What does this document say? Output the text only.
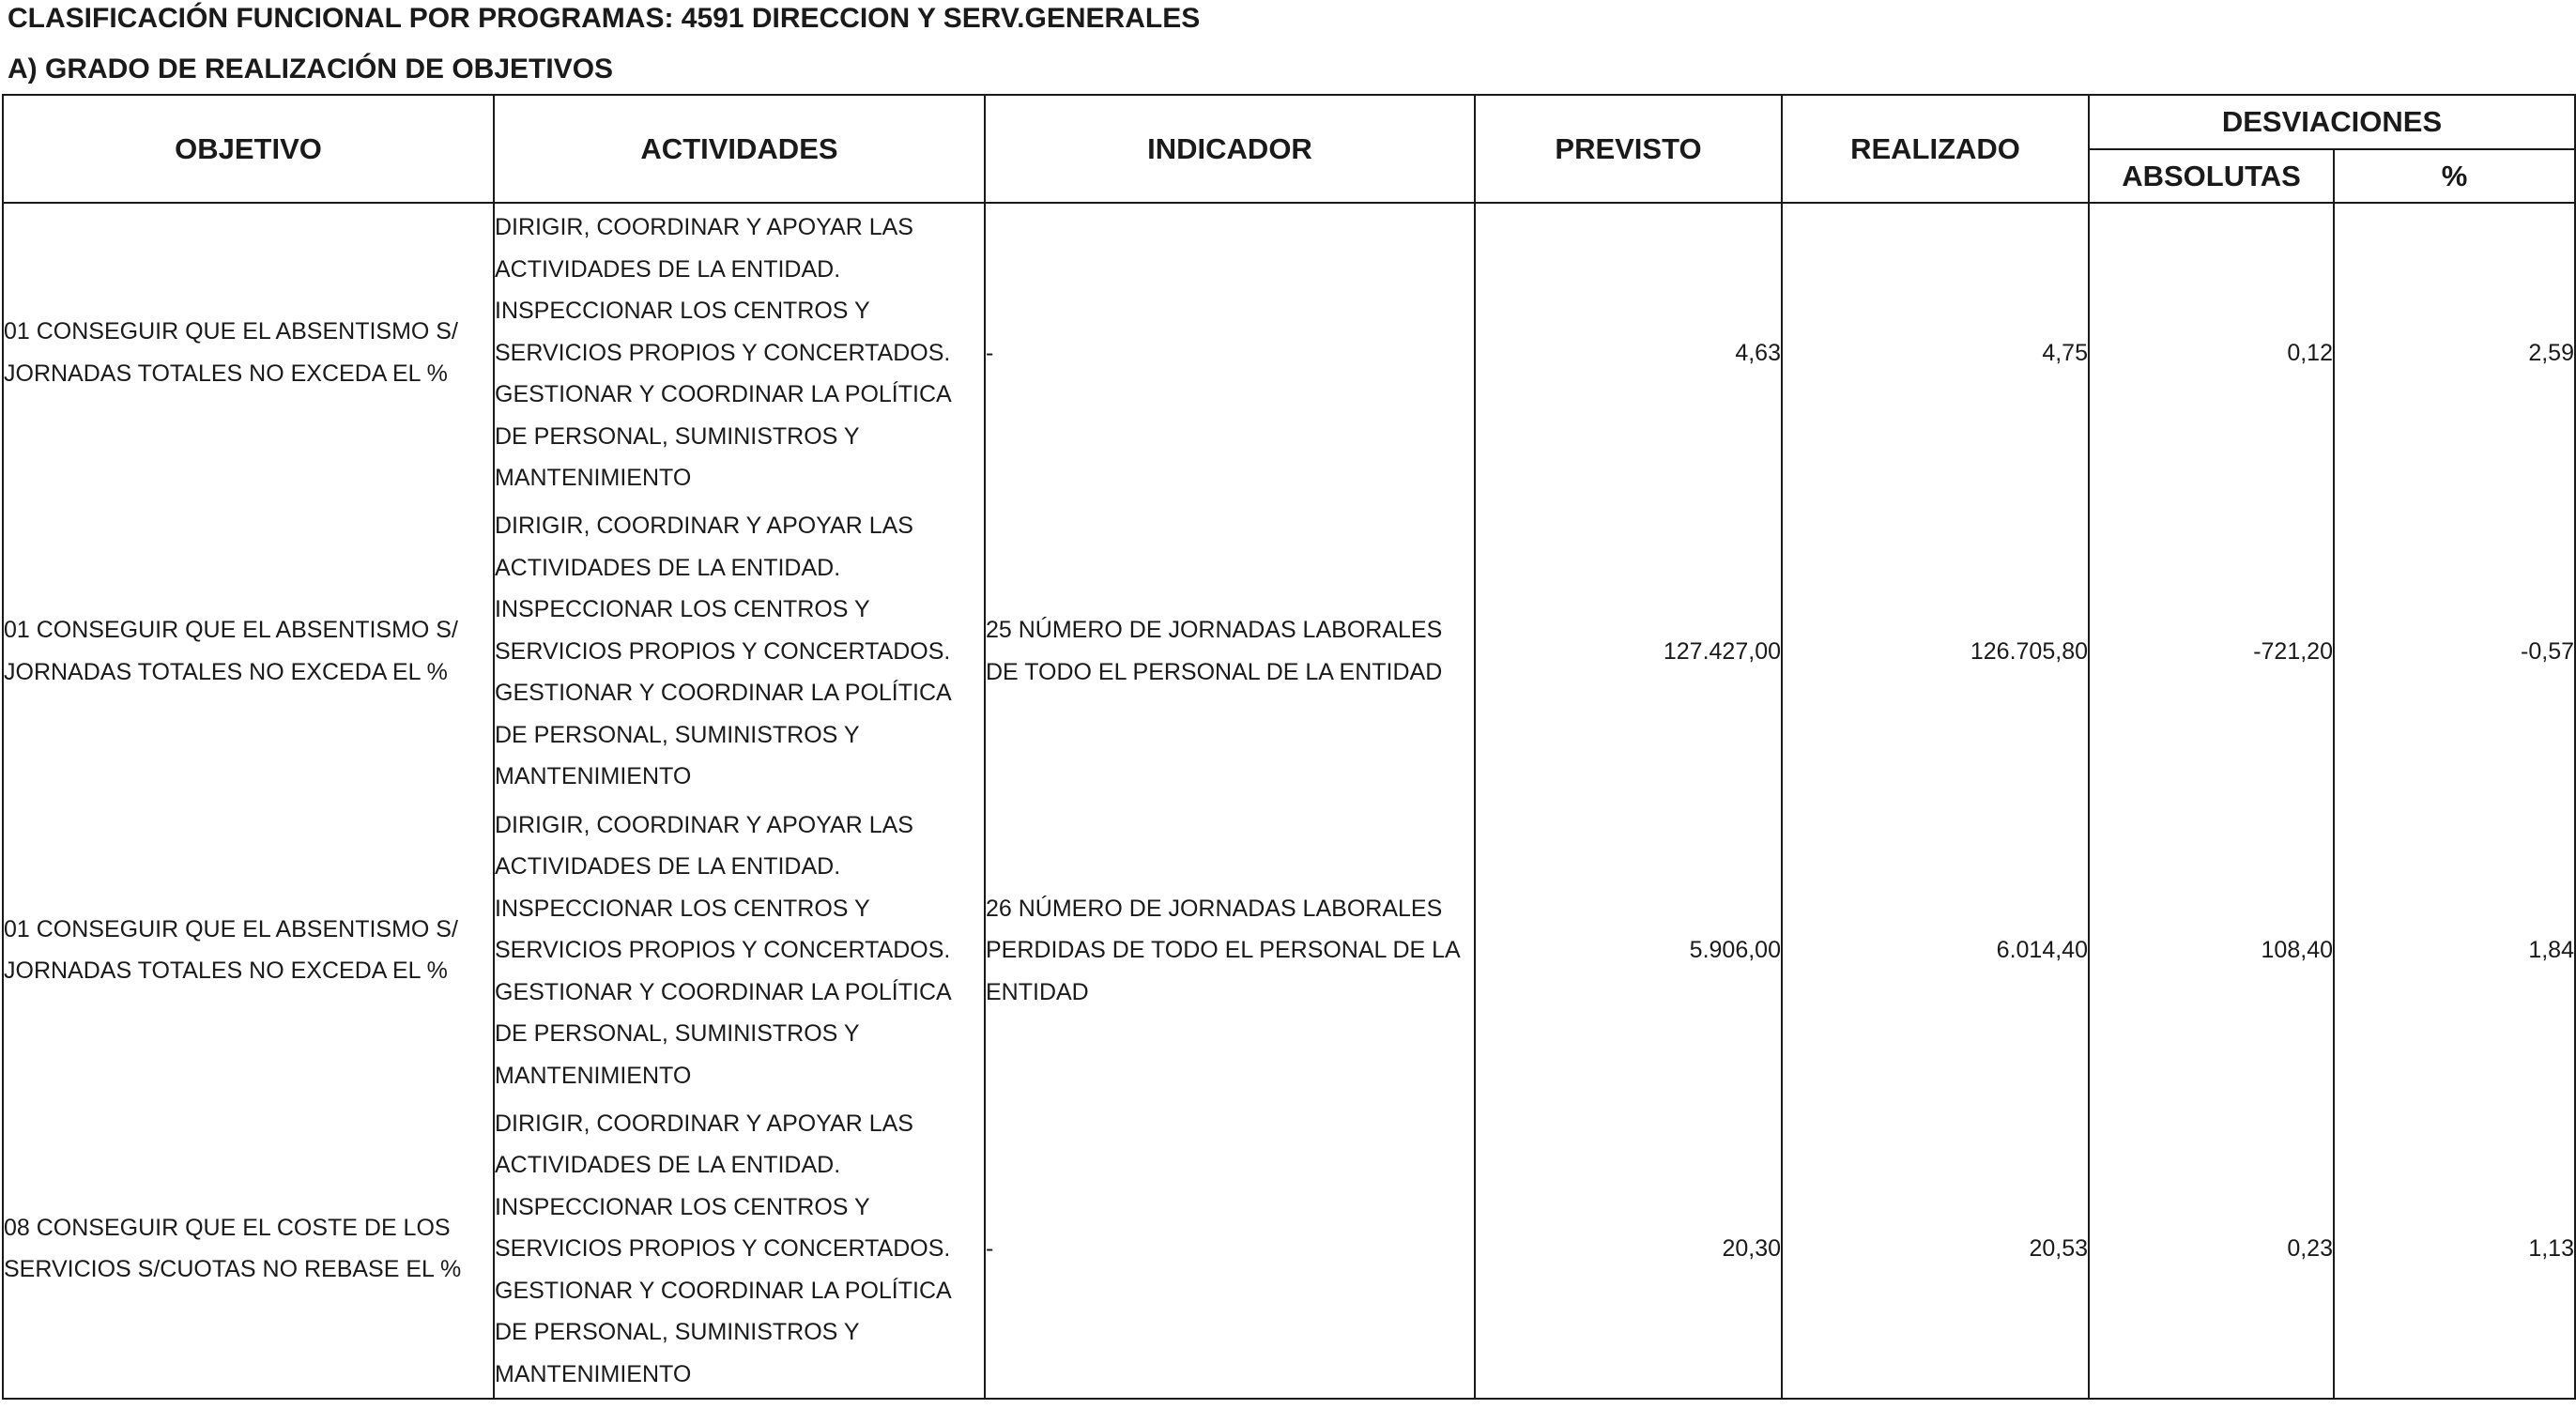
CLASIFICACIÓN FUNCIONAL POR PROGRAMAS: 4591 DIRECCION Y SERV.GENERALES
A) GRADO DE REALIZACIÓN DE OBJETIVOS
OBJETIVO	ACTIVIDADES	INDICADOR	PREVISTO	REALIZADO	DESVIACIONES	
					ABSOLUTAS	%
01 CONSEGUIR QUE EL ABSENTISMO S/ JORNADAS TOTALES NO EXCEDA EL %	DIRIGIR, COORDINAR Y APOYAR LAS ACTIVIDADES DE LA ENTIDAD. INSPECCIONAR LOS CENTROS Y SERVICIOS PROPIOS Y CONCERTADOS. GESTIONAR Y COORDINAR LA POLÍTICA DE PERSONAL, SUMINISTROS Y MANTENIMIENTO	-	4,63	4,75	0,12	2,59
01 CONSEGUIR QUE EL ABSENTISMO S/ JORNADAS TOTALES NO EXCEDA EL %	DIRIGIR, COORDINAR Y APOYAR LAS ACTIVIDADES DE LA ENTIDAD. INSPECCIONAR LOS CENTROS Y SERVICIOS PROPIOS Y CONCERTADOS. GESTIONAR Y COORDINAR LA POLÍTICA DE PERSONAL, SUMINISTROS Y MANTENIMIENTO	25 NÚMERO DE JORNADAS LABORALES DE TODO EL PERSONAL DE LA ENTIDAD	127.427,00	126.705,80	-721,20	-0,57
01 CONSEGUIR QUE EL ABSENTISMO S/ JORNADAS TOTALES NO EXCEDA EL %	DIRIGIR, COORDINAR Y APOYAR LAS ACTIVIDADES DE LA ENTIDAD. INSPECCIONAR LOS CENTROS Y SERVICIOS PROPIOS Y CONCERTADOS. GESTIONAR Y COORDINAR LA POLÍTICA DE PERSONAL, SUMINISTROS Y MANTENIMIENTO	26 NÚMERO DE JORNADAS LABORALES PERDIDAS DE TODO EL PERSONAL DE LA ENTIDAD	5.906,00	6.014,40	108,40	1,84
08 CONSEGUIR QUE EL COSTE DE LOS SERVICIOS S/CUOTAS NO REBASE EL %	DIRIGIR, COORDINAR Y APOYAR LAS ACTIVIDADES DE LA ENTIDAD. INSPECCIONAR LOS CENTROS Y SERVICIOS PROPIOS Y CONCERTADOS. GESTIONAR Y COORDINAR LA POLÍTICA DE PERSONAL, SUMINISTROS Y MANTENIMIENTO	-	20,30	20,53	0,23	1,13
